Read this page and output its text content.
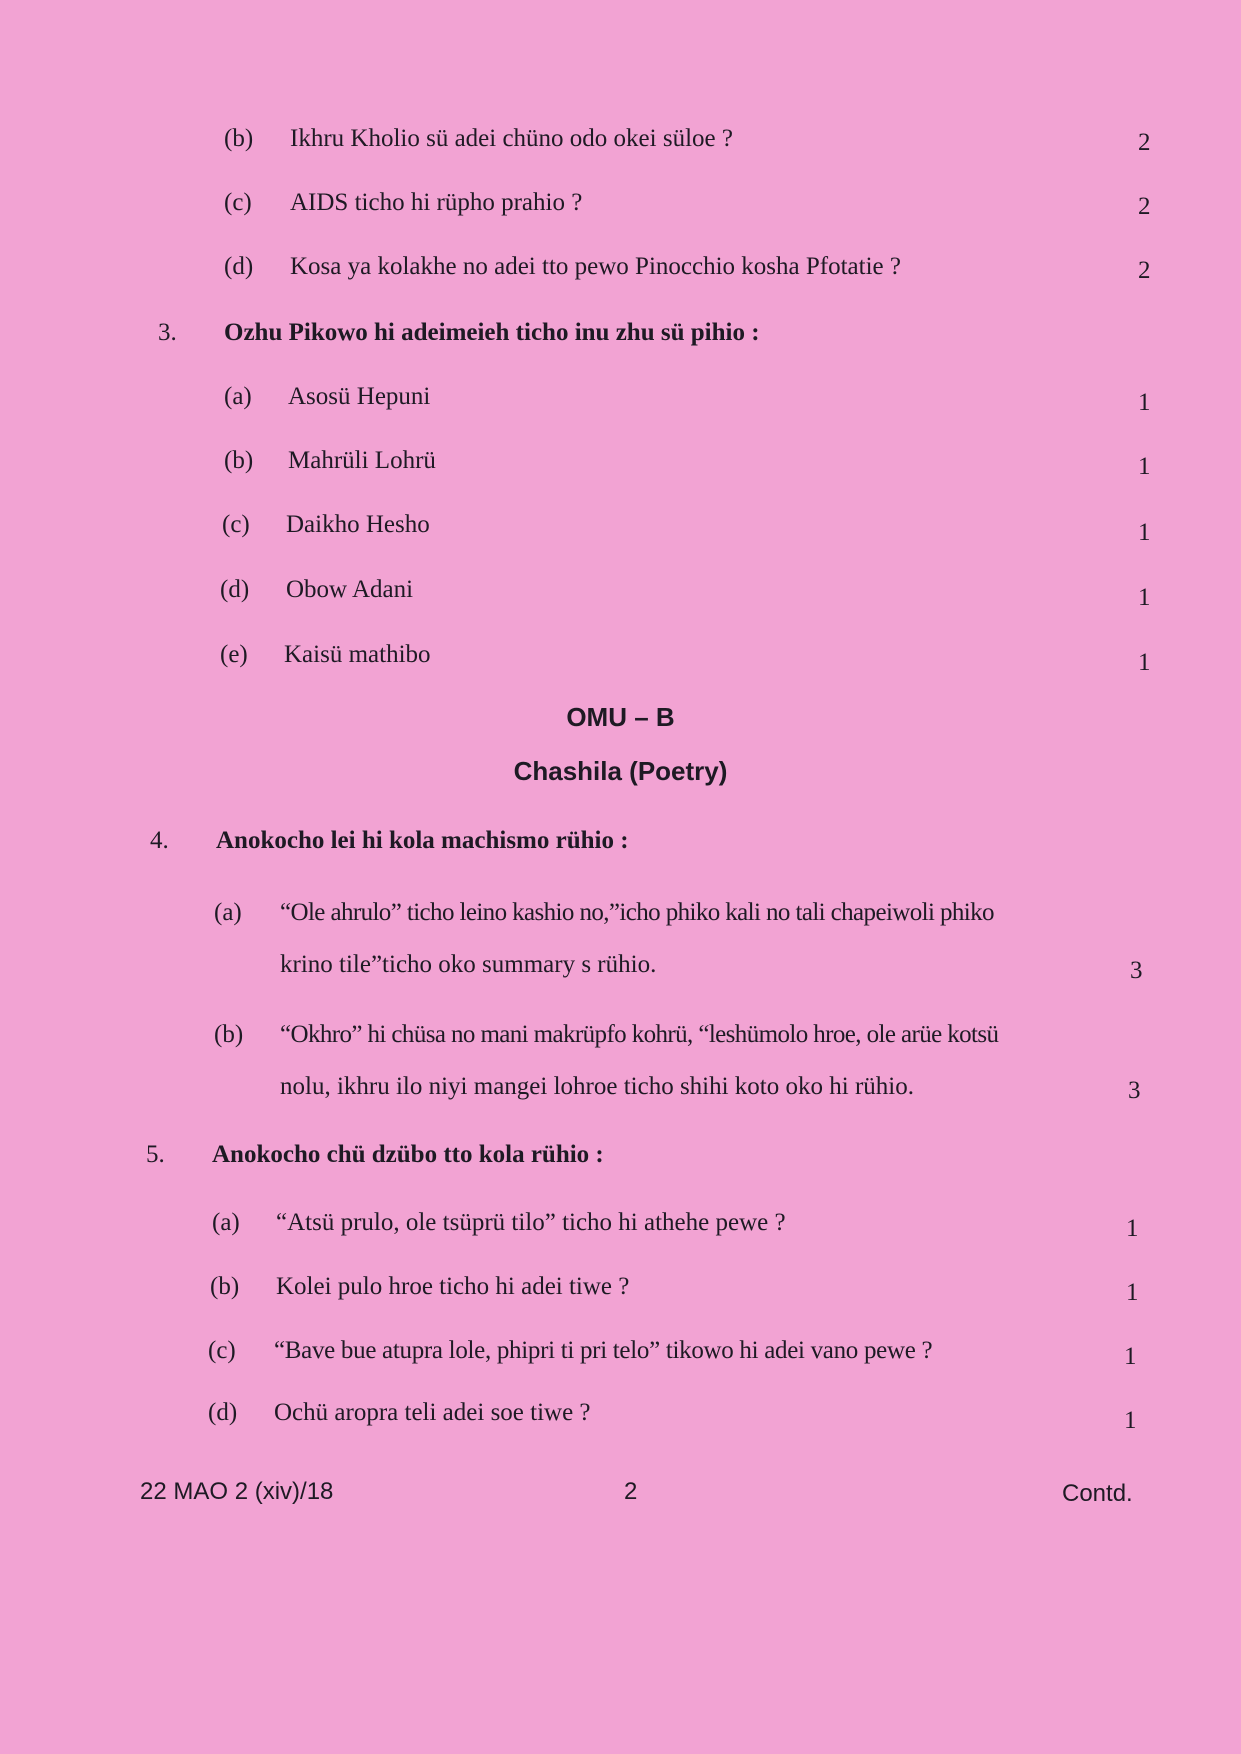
(b) Ikhru Kholio sü adei chüno odo okei süloe ?	2
(c) AIDS ticho hi rüpho prahio ?	2
(d) Kosa ya kolakhe no adei tto pewo Pinocchio kosha Pfotatie ?	2
3. Ozhu Pikowo hi adeimeieh ticho inu zhu sü pihio :
(a) Asosü Hepuni	1
(b) Mahrüli Lohrü	1
(c) Daikho Hesho	1
(d) Obow Adani	1
(e) Kaisü mathibo	1
OMU – B
Chashila (Poetry)
4. Anokocho lei hi kola machismo rühio :
(a) “Ole ahrulo” ticho leino kashio no,”icho phiko kali no tali chapeiwoli phiko
krino tile”ticho oko summary s rühio.	3
(b) “Okhro” hi chüsa no mani makrüpfo kohrü, “leshümolo hroe, ole arüe kotsü
nolu, ikhru ilo niyi mangei lohroe ticho shihi koto oko hi rühio.	3
5. Anokocho chü dzübo tto kola rühio :
(a) “Atsü prulo, ole tsüprü tilo” ticho hi athehe pewe ?	1
(b) Kolei pulo hroe ticho hi adei tiwe ?	1
(c) “Bave bue atupra lole, phipri ti pri telo” tikowo hi adei vano pewe ?	1
(d) Ochü aropra teli adei soe tiwe ?	1
22 MAO 2 (xiv)/18	2	Contd.
